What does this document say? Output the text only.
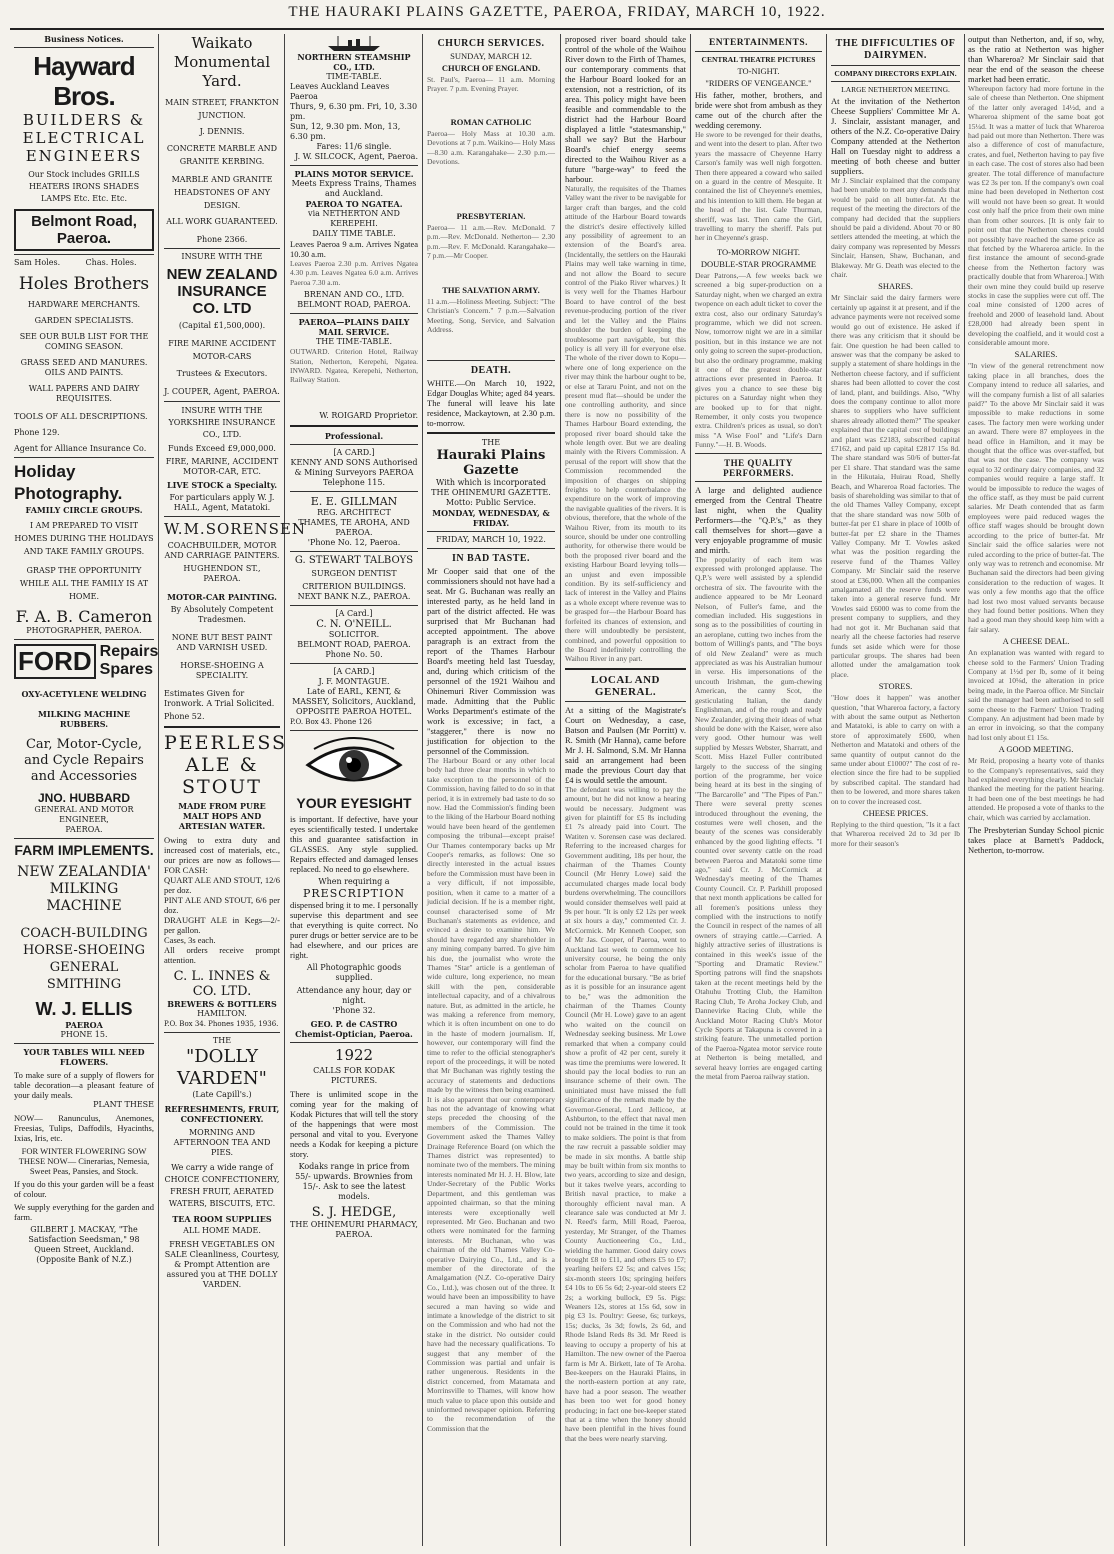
THE HAURAKI PLAINS GAZETTE, PAEROA, FRIDAY, MARCH 10, 1922.
Business Notices.
Hayward Bros.
BUILDERS &
ELECTRICAL
ENGINEERS
Our Stock includes GRILLS HEATERS IRONS SHADES LAMPS Etc. Etc. Etc.
Belmont Road, Paeroa.
Sam Holes.          Chas. Holes.
Holes Brothers
HARDWARE MERCHANTS.
GARDEN SPECIALISTS.
SEE OUR BULB LIST FOR THE COMING SEASON.
GRASS SEED AND MANURES. OILS AND PAINTS.
WALL PAPERS AND DAIRY REQUISITES.
TOOLS OF ALL DESCRIPTIONS.
Phone 129.
Agent for Alliance Insurance Co.
Holiday Photography.
FAMILY CIRCLE GROUPS.
I AM PREPARED TO VISIT HOMES DURING THE HOLIDAYS AND TAKE FAMILY GROUPS.
GRASP THE OPPORTUNITY WHILE ALL THE FAMILY IS AT HOME.
F. A. B. Cameron
PHOTOGRAPHER, PAEROA.
FORD Repairs
Spares
OXY-ACETYLENE WELDING
MILKING MACHINE RUBBERS.
Car, Motor-Cycle, and Cycle Repairs and Accessories
JNO. HUBBARD
GENERAL AND MOTOR ENGINEER,
PAEROA.
FARM IMPLEMENTS.
NEW ZEALANDIA' MILKING MACHINE
COACH-BUILDING HORSE-SHOEING GENERAL SMITHING
W. J. ELLIS
PAEROA
PHONE 15.
YOUR TABLES WILL NEED FLOWERS.
To make sure of a supply of flowers for table decoration—a pleasant feature of your daily meals.
PLANT THESE
NOW— Ranunculus, Anemones, Freesias, Tulips, Daffodils, Hyacinths, Ixias, Iris, etc.
FOR WINTER FLOWERING SOW THESE NOW— Cinerarias, Nemesia, Sweet Peas, Pansies, and Stock.
If you do this your garden will be a feast of colour.
We supply everything for the garden and farm.
GILBERT J. MACKAY, "The Satisfaction Seedsman," 98 Queen Street, Auckland. (Opposite Bank of N.Z.)
Waikato Monumental Yard.
MAIN STREET, FRANKTON JUNCTION.
J. DENNIS.
CONCRETE MARBLE AND GRANITE KERBING.
MARBLE AND GRANITE HEADSTONES OF ANY DESIGN.
ALL WORK GUARANTEED.
Phone 2366.
INSURE WITH THE
NEW ZEALAND INSURANCE CO. LTD
(Capital £1,500,000).
FIRE MARINE ACCIDENT MOTOR-CARS
Trustees & Executors.
J. COUPER, Agent, PAEROA.
INSURE WITH THE YORKSHIRE INSURANCE CO., LTD.
Funds Exceed £9,000,000.
FIRE, MARINE, ACCIDENT MOTOR-CAR, ETC.
LIVE STOCK a Specialty.
For particulars apply W. J. HALL, Agent, Matatoki.
W.M.SORENSEN
COACHBUILDER, MOTOR AND CARRIAGE PAINTERS.
HUGHENDON ST., PAEROA.
MOTOR-CAR PAINTING.
By Absolutely Competent Tradesmen.
NONE BUT BEST PAINT AND VARNISH USED.
HORSE-SHOEING A SPECIALITY.
Estimates Given for Ironwork. A Trial Solicited.
Phone 52.
PEERLESS ALE & STOUT
MADE FROM PURE MALT HOPS AND ARTESIAN WATER.
Owing to extra duty and increased cost of materials, etc., our prices are now as follows—FOR CASH:
QUART ALE AND STOUT, 12/6 per doz.
PINT ALE AND STOUT, 6/6 per doz.
DRAUGHT ALE in Kegs—2/- per gallon.
Cases, 3s each.
All orders receive prompt attention.
C. L. INNES & CO. LTD.
BREWERS & BOTTLERS
HAMILTON.
P.O. Box 34. Phones 1935, 1936.
THE
"DOLLY VARDEN"
(Late Capill's.)
REFRESHMENTS, FRUIT, CONFECTIONERY.
MORNING AND AFTERNOON TEA AND PIES.
We carry a wide range of CHOICE CONFECTIONERY, FRESH FRUIT, AERATED WATERS, BISCUITS, ETC.
TEA ROOM SUPPLIES
ALL HOME MADE.
FRESH VEGETABLES ON SALE Cleanliness, Courtesy, & Prompt Attention are assured you at THE DOLLY VARDEN.
NORTHERN STEAMSHIP CO., LTD.
TIME-TABLE.
Leaves Auckland Leaves Paeroa
Thurs, 9, 6.30 pm. Fri, 10, 3.30 pm.
Sun, 12, 9.30 pm. Mon, 13, 6.30 pm.
Fares: 11/6 single.
J. W. SILCOCK, Agent, Paeroa.
PLAINS MOTOR SERVICE.
Meets Express Trains, Thames and Auckland.
PAEROA TO NGATEA.
via NETHERTON AND KEREPEHI.
DAILY TIME TABLE.
Leaves Paeroa 9 a.m. Arrives Ngatea 10.30 a.m.
Leaves Paeroa 2.30 p.m. Arrives Ngatea 4.30 p.m. Leaves Ngatea 6.0 a.m. Arrives Paeroa 7.30 a.m.
BRENAN AND CO., LTD. BELMONT ROAD, PAEROA.
PAEROA—PLAINS DAILY MAIL SERVICE.
THE TIME-TABLE.
OUTWARD. Criterion Hotel, Railway Station, Netherton, Kerepehi, Ngatea. INWARD. Ngatea, Kerepehi, Netherton, Railway Station.
W. ROIGARD Proprietor.
Professional.
[A CARD.]
KENNY AND SONS Authorised & Mining Surveyors PAEROA
Telephone 115.
E. E. GILLMAN
REG. ARCHITECT
THAMES, TE AROHA, AND PAEROA.
'Phone No. 12, Paeroa.
G. STEWART TALBOYS
SURGEON DENTIST
CRITERION BUILDINGS. NEXT BANK N.Z., PAEROA.
[A Card.]
C. N. O'NEILL.
SOLICITOR.
BELMONT ROAD, PAEROA.
Phone No. 50.
[A CARD.]
J. F. MONTAGUE.
Late of EARL, KENT, & MASSEY, Solicitors, Auckland,
OPPOSITE PAEROA HOTEL.
P.O. Box 43. Phone 126
YOUR EYESIGHT
is important. If defective, have your eyes scientifically tested. I undertake this and guarantee satisfaction in GLASSES. Any style supplied. Repairs effected and damaged lenses replaced. No need to go elsewhere.
When requiring a
PRESCRIPTION
dispensed bring it to me. I personally supervise this department and see that everything is quite correct. No purer drugs or better service are to be had elsewhere, and our prices are right.
All Photographic goods supplied.
Attendance any hour, day or night.
'Phone 32.
GEO. P. de CASTRO Chemist-Optician, Paeroa.
1922
CALLS FOR KODAK PICTURES.
There is unlimited scope in the coming year for the making of Kodak Pictures that will tell the story of the happenings that were most personal and vital to you. Everyone needs a Kodak for keeping a picture story.
Kodaks range in price from 55/- upwards. Brownies from 15/-. Ask to see the latest models.
S. J. HEDGE,
THE OHINEMURI PHARMACY, PAEROA.
CHURCH SERVICES.
SUNDAY, MARCH 12.
CHURCH OF ENGLAND.
St. Paul's, Paeroa— 11 a.m. Morning Prayer. 7 p.m. Evening Prayer.
ROMAN CATHOLIC
Paeroa— Holy Mass at 10.30 a.m. Devotions at 7 p.m. Waikino— Holy Mass—8.30 a.m. Karangahake— 2.30 p.m.—Devotions.
PRESBYTERIAN.
Paeroa— 11 a.m.—Rev. McDonald. 7 p.m.—Rev. McDonald. Netherton— 2.30 p.m.—Rev. F. McDonald. Karangahake— 7 p.m.—Mr Cooper.
THE SALVATION ARMY.
11 a.m.—Holiness Meeting. Subject: "The Christian's Concern." 7 p.m.—Salvation Meeting, Song, Service, and Salvation Address.
DEATH.
WHITE.—On March 10, 1922, Edgar Douglas White; aged 84 years. The funeral will leave his late residence, Mackaytown, at 2.30 p.m. to-morrow.
THE
Hauraki Plains Gazette
With which is incorporated THE OHINEMURI GAZETTE.
Motto: Public Service.
MONDAY, WEDNESDAY, & FRIDAY.
FRIDAY, MARCH 10, 1922.
IN BAD TASTE.
Mr Cooper said that one of the commissioners should not have had a seat. Mr G. Buchanan was really an interested party, as he held land in part of the district affected. He was surprised that Mr Buchanan had accepted appointment. The above paragraph is an extract from the report of the Thames Harbour Board's meeting held last Tuesday, and, during which criticism of the personnel of the 1921 Waihou and Ohinemuri River Commission was made. Admitting that the Public Works Department's estimate of the work is excessive; in fact, a "staggerer," there is now no justification for objection to the personnel of the Commission.
The Harbour Board or any other local body had three clear months in which to take exception to the personnel of the Commission, having failed to do so in that period, it is in extremely bad taste to do so now. Had the Commission's finding been to the liking of the Harbour Board nothing would have been heard of the gentlemen composing the tribunal—except praise! Our Thames contemporary backs up Mr Cooper's remarks, as follows: One so directly interested in the actual issues before the Commission must have been in a very difficult, if not impossible, position, when it came to a matter of a judicial decision. If he is a member right, counsel characterised some of Mr Buchanan's statements as evidence, and evinced a desire to examine him. We should have regarded any shareholder in any mining company barred. To give him his due, the journalist who wrote the Thames "Star" article is a gentleman of wide culture, long experience, no mean skill with the pen, considerable intellectual capacity, and of a chivalrous nature. But, as admitted in the article, he was making a reference from memory, which it is often incumbent on one to do in the haste of modern journalism. If, however, our contemporary will find the time to refer to the official stenographer's report of the proceedings, it will be noted that Mr Buchanan was rightly testing the accuracy of statements and deductions made by the witness then being examined. It is also apparent that our contemporary has not the advantage of knowing what steps preceded the choosing of the members of the Commission. The Government asked the Thames Valley Drainage Reference Board (on which the Thames district was represented) to nominate two of the members. The mining interests nominated Mr H. J. H. Blow, late Under-Secretary of the Public Works Department, and this gentleman was appointed chairman, so that the mining interests were exceptionally well represented. Mr Geo. Buchanan and two others were nominated for the farming interests. Mr Buchanan, who was chairman of the old Thames Valley Co-operative Dairying Co., Ltd., and is a member of the directorate of the Amalgamation (N.Z. Co-operative Dairy Co., Ltd.), was chosen out of the three. It would have been an impossibility to have secured a man having so wide and intimate a knowledge of the district to sit on the Commission and who had not the stake in the district. No outsider could have had the necessary qualifications. To suggest that any member of the Commission was partial and unfair is rather ungenerous. Residents in the district concerned, from Matamata and Morrinsville to Thames, will know how much value to place upon this outside and uninformed newspaper opinion. Referring to the recommendation of the Commission that the
proposed river board should take control of the whole of the Waihou River down to the Firth of Thames, our contemporary comments that the Harbour Board looked for an extension, not a restriction, of its area. This policy might have been feasible and commendable to the district had the Harbour Board displayed a little "statesmanship," shall we say? But the Harbour Board's chief energy seems directed to the Waihou River as a future "barge-way" to feed the harbour.
Naturally, the requisites of the Thames Valley want the river to be navigable for larger craft than barges, and the cold attitude of the Harbour Board towards the district's desire effectively killed any possibility of agreement to an extension of the Board's area. (Incidentally, the settlers on the Hauraki Plains may well take warning in time, and not allow the Board to secure control of the Piako River wharves.) It is very well for the Thames Harbour Board to have control of the best revenue-producing portion of the river and let the Valley and the Plains shoulder the burden of keeping the troublesome part navigable, but this policy is all very ill for everyone else. The whole of the river down to Kopu—where one of long experience on the river may think the harbour ought to be, or else at Tararu Point, and not on the present mud flat—should be under the one controlling authority, and since there is now no possibility of the Thames Harbour Board extending, the proposed river board should take the whole length over. But we are dealing mainly with the Rivers Commission. A perusal of the report will show that the Commission recommended the imposition of charges on shipping freights to help counterbalance the expenditure on the work of improving the navigable qualities of the rivers. It is obvious, therefore, that the whole of the Waihou River, from its mouth to its source, should be under one controlling authority, for otherwise there would be both the proposed river board and the existing Harbour Board levying tolls—an unjust and even impossible condition. By its self-sufficiency and lack of interest in the Valley and Plains as a whole except where revenue was to be grasped for—the Harbour Board has forfeited its chances of extension, and there will undoubtedly be persistent, combined, and powerful opposition to the Board indefinitely controlling the Waihou River in any part.
LOCAL AND GENERAL.
At a sitting of the Magistrate's Court on Wednesday, a case, Batson and Paulsen (Mr Porritt) v. R. Smith (Mr Hanna), came before Mr J. H. Salmond, S.M. Mr Hanna said an arrangement had been made the previous Court day that £4 is would settle the amount.
The defendant was willing to pay the amount, but he did not know a hearing would be necessary. Judgment was given for plaintiff for £5 8s including £1 7s already paid into Court. The Watiten v. Sorensen case was declared. Referring to the increased charges for Government auditing, 18s per hour, the chairman of the Thames County Council (Mr Henry Lowe) said the accumulated charges made local body burdens overwhelming. The councillors would consider themselves well paid at 9s per hour. "It is only £2 12s per week at six hours a day," commented Cr. J. McCormick. Mr Kenneth Cooper, son of Mr Jas. Cooper, of Paeroa, went to Auckland last week to commence his university course, he being the only scholar from Paeroa to have qualified for the educational bursary. "Be as brief as it is possible for an insurance agent to be," was the admonition the chairman of the Thames County Council (Mr H. Lowe) gave to an agent who waited on the council on Wednesday seeking business. Mr Lowe remarked that when a company could show a profit of 42 per cent, surely it was time the premiums were lowered. It should pay the local bodies to run an insurance scheme of their own. The uninitiated must have missed the full significance of the remark made by the Governor-General, Lord Jellicoe, at Ashburton, to the effect that naval men could not be trained in the time it took to make soldiers. The point is that from the raw recruit a passable soldier may be made in six months. A battle ship may be built within from six months to two years, according to size and design, but it takes twelve years, according to British naval practice, to make a thoroughly efficient naval man. A clearance sale was conducted at Mr J. N. Reed's farm, Mill Road, Paeroa, yesterday, Mr Stranger, of the Thames County Auctioneering Co., Ltd., wielding the hammer. Good dairy cows brought £8 to £11, and others £5 to £7; yearling heifers £2 5s; and calves 15s; six-month steers 10s; springing heifers £4 10s to £6 5s 6d; 2-year-old steers £2 2s; a working bullock, £9 5s. Pigs: Weaners 12s, stores at 15s 6d, sow in pig £3 1s. Poultry: Geese, 6s; turkeys, 15s; ducks, 3s 3d; fowls, 2s 6d, and Rhode Island Reds 8s 3d. Mr Reed is leaving to occupy a property of his at Hamilton. The new owner of the Paeroa farm is Mr A. Birkett, late of Te Aroha. Bee-keepers on the Hauraki Plains, in the north-eastern portion at any rate, have had a poor season. The weather has been too wet for good honey producing; in fact one bee-keeper stated that at a time when the honey should have been plentiful in the hives found that the bees were nearly starving.
ENTERTAINMENTS.
CENTRAL THEATRE PICTURES
TO-NIGHT.
"RIDERS OF VENGEANCE."
His father, mother, brothers, and bride were shot from ambush as they came out of the church after the wedding ceremony.
He swore to be revenged for their deaths, and went into the desert to plan. After two years the massacre of Cheyenne Harry Carson's family was well nigh forgotten. Then there appeared a coward who sailed on a guard in the centre of Mesquite. It contained the list of Cheyenne's enemies, and his intention to kill them. He began at the head of the list. Gale Thurman, sheriff, was last. Then came the Girl, travelling to marry the sheriff. Pals put her in Cheyenne's grasp.
TO-MORROW NIGHT.
DOUBLE-STAR PROGRAMME
Dear Patrons,—A few weeks back we screened a big super-production on a Saturday night, when we charged an extra twopence on each adult ticket to cover the extra cost, also our ordinary Saturday's programme, which we did not screen. Now, tomorrow night we are in a similar position, but in this instance we are not only going to screen the super-production, but also the ordinary programme, making it one of the greatest double-star attractions ever presented in Paeroa. It gives you a chance to see these big pictures on a Saturday night when they are booked up to for that night. Remember, it only costs you twopence extra. Children's prices as usual, so don't miss "A Wise Fool" and "Life's Darn Funny."—H. B. Woods.
THE QUALITY PERFORMERS.
A large and delighted audience emerged from the Central Theatre last night, when the Quality Performers—the "Q.P.'s," as they call themselves for short—gave a very enjoyable programme of music and mirth.
The popularity of each item was expressed with prolonged applause. The Q.P.'s were well assisted by a splendid orchestra of six. The favourite with the audience appeared to be Mr Leonard Nelson, of Fuller's fame, and the comedian included. His suggestions in song as to the possibilities of courting in an aeroplane, cutting two inches from the bottom of Willing's pants, and "The boys of old New Zealand" were as much appreciated as was his Australian humour in verse. His impersonations of the uncouth Irishman, the gum-chewing American, the canny Scot, the gesticulating Italian, the dandy Englishman, and of the rough and ready New Zealander, giving their ideas of what should be done with the Kaiser, were also very good. Other humour was well supplied by Messrs Webster, Sharratt, and Scott. Miss Hazel Fuller contributed largely to the success of the singing portion of the programme, her voice being heard at its best in the singing of "The Barcarolle" and "The Pipes of Pan." There were several pretty scenes introduced throughout the evening, the costumes were well chosen, and the beauty of the scenes was considerably enhanced by the good lighting effects. "I counted over seventy cattle on the road between Paeroa and Matatoki some time ago," said Cr. J. McCormick at Wednesday's meeting of the Thames County Council. Cr. P. Parkhill proposed that next month applications be called for all foremen's positions unless they complied with the instructions to notify the Council in respect of the names of all owners of straying cattle.—Carried. A highly attractive series of illustrations is contained in this week's issue of the "Sporting and Dramatic Review." Sporting patrons will find the snapshots taken at the recent meetings held by the Otahuhu Trotting Club, the Hamilton Racing Club, Te Aroha Jockey Club, and Dannevirke Racing Club, while the Auckland Motor Racing Club's Motor Cycle Sports at Takapuna is covered in a striking feature. The unmetalled portion of the Paeroa-Ngatea motor service route at Netherton is being metalled, and several heavy lorries are engaged carting the metal from Paeroa railway station.
THE DIFFICULTIES OF DAIRYMEN.
COMPANY DIRECTORS EXPLAIN.
LARGE NETHERTON MEETING.
At the invitation of the Netherton Cheese Suppliers' Committee Mr A. J. Sinclair, assistant manager, and others of the N.Z. Co-operative Dairy Company attended at the Netherton Hall on Tuesday night to address a meeting of both cheese and butter suppliers.
Mr J. Sinclair explained that the company had been unable to meet any demands that would be paid on all butter-fat. At the request of the meeting the directors of the company had decided that the suppliers should be paid a dividend. About 70 or 80 settlers attended the meeting, at which the dairy company was represented by Messrs Sinclair, Hansen, Shaw, Buchanan, and Blakeway. Mr G. Death was elected to the chair.
SHARES.
Mr Sinclair said the dairy farmers were certainly up against it at present, and if the advance payments were not received some would go out of existence. He asked if there was any criticism that it should be fair. One question he had been called to answer was that the company be asked to supply a statement of share holdings in the Netherton cheese factory, and if sufficient shares had been allotted to cover the cost of land, plant, and buildings. Also, "Why does the company continue to allot more shares to suppliers who have sufficient shares already allotted them?" The speaker explained that the capital cost of buildings and plant was £2183, subscribed capital £7162, and paid up capital £2817 15s 8d. The share standard was 50/6 of butter-fat per £1 share. That standard was the same in the Hikutaia, Huirau Road, Shelly Beach, and Whareroa Road factories. The basis of shareholding was similar to that of the old Thames Valley Company, except that the share standard was now 50lb of butter-fat per £1 share in place of 100lb of butter-fat per £2 share in the Thames Valley Company. Mr T. Vowles asked what was the position regarding the reserve fund of the Thames Valley Company. Mr Sinclair said the reserve stood at £36,000. When all the companies amalgamated all the reserve funds were taken into a general reserve fund. Mr Vowles said £6000 was to come from the present company to suppliers, and they had not got it. Mr Buchanan said that nearly all the cheese factories had reserve funds set aside which were for those particular groups. The shares had been allotted under the amalgamation took place.
STORES.
"How does it happen" was another question, "that Whareroa factory, a factory with about the same output as Netherton and Matatoki, is able to carry on with a store of approximately £600, when Netherton and Matatoki and others of the same quantity of output cannot do the same under about £1000?" The cost of re-election since the fire had to be supplied by subscribed capital. The standard had then to be lowered, and more shares taken on to cover the increased cost.
CHEESE PRICES.
Replying to the third question, "Is it a fact that Whareroa received 2d to 3d per lb more for their season's
output than Netherton, and, if so, why, as the ratio at Netherton was higher than Whareroa? Mr Sinclair said that near the end of the season the cheese market had been erratic.
Whereupon factory had more fortune in the sale of cheese than Netherton. One shipment of the latter only averaged 14½d, and a Whareroa shipment of the same boat got 15¼d. It was a matter of luck that Whareroa had paid out more than Netherton. There was also a difference of cost of manufacture, crates, and fuel, Netherton having to pay five in each case. The cost of stores also had been greater. The total difference of manufacture was £2 3s per ton. If the company's own coal mine had been developed in Netherton cost will would not have been so great. It would cost only half the price from their own mine than from other sources. [It is only fair to point out that the Netherton cheeses could not possibly have reached the same price as that fetched by the Whareroa article. In the first instance the amount of second-grade cheese from the Netherton factory was practically double that from Whareroa.] With their own mine they could build up reserve stocks in case the supplies were cut off. The coal mine consisted of 1200 acres of freehold and 2000 of leasehold land. About £28,000 had already been spent in developing the coalfield, and it would cost a considerable amount more.
SALARIES.
"In view of the general retrenchment now taking place in all branches, does the Company intend to reduce all salaries, and will the company furnish a list of all salaries paid?" To the above Mr Sinclair said it was impossible to make reductions in some cases. The factory men were working under an award. There were 87 employees in the head office in Hamilton, and it may be thought that the office was over-staffed, but that was not the case. The company was equal to 32 ordinary dairy companies, and 32 companies would require a large staff. It would be impossible to reduce the wages of the office staff, as they must be paid current salaries. Mr Death contended that as farm employees were paid reduced wages the office staff wages should be brought down according to the price of butter-fat. Mr Sinclair said the office salaries were not ruled according to the price of butter-fat. The only way was to retrench and economise. Mr Buchanan said the directors had been giving consideration to the reduction of wages. It was only a few months ago that the office had lost two most valued servants because they had found better positions. When they had a good man they should keep him with a fair salary.
A CHEESE DEAL.
An explanation was wanted with regard to cheese sold to the Farmers' Union Trading Company at 1½d per lb, some of it being invoiced at 10⅛d, the alteration in price being made, in the Paeroa office. Mr Sinclair said the manager had been authorised to sell some cheese to the Farmers' Union Trading Company. An adjustment had been made by an error in invoicing, so that the company had lost only about £1 15s.
A GOOD MEETING.
Mr Reid, proposing a hearty vote of thanks to the Company's representatives, said they had explained everything clearly. Mr Sinclair thanked the meeting for the patient hearing. It had been one of the best meetings he had attended. He proposed a vote of thanks to the chair, which was carried by acclamation.
The Presbyterian Sunday School picnic takes place at Barnett's Paddock, Netherton, to-morrow.
